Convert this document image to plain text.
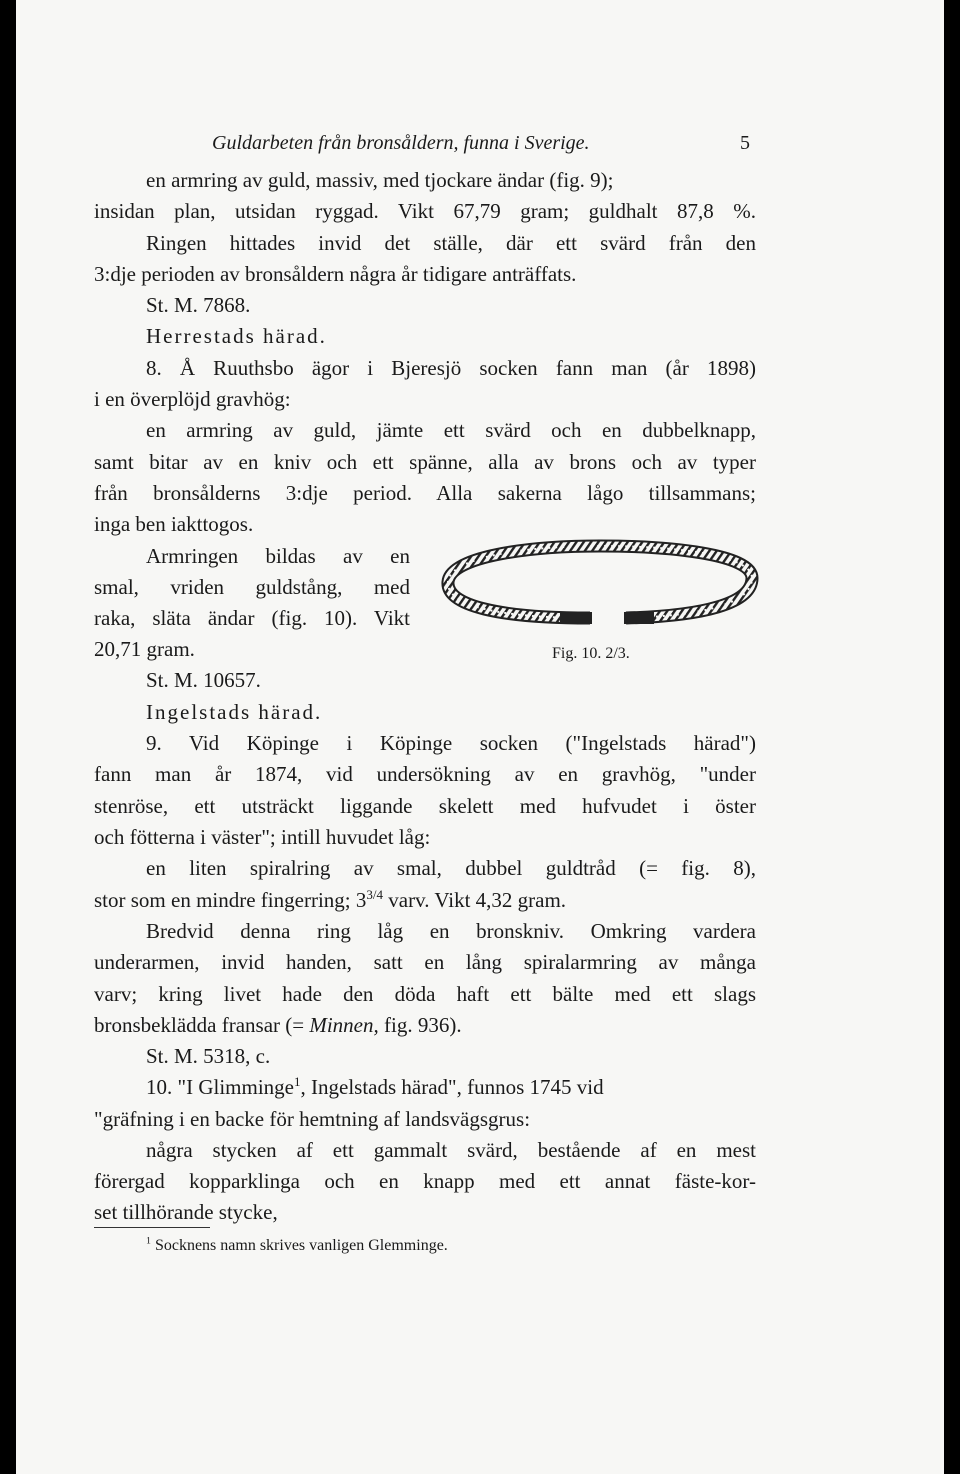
Guldarbeten från bronsåldern, funna i Sverige.	5
en armring av guld, massiv, med tjockare ändar (fig. 9);
insidan plan, utsidan ryggad. Vikt 67,79 gram; guldhalt 87,8 %.
Ringen hittades invid det ställe, där ett svärd från den
3:dje perioden av bronsåldern några år tidigare anträffats.
St. M. 7868.
Herrestads härad.
8. Å Ruuthsbo ägor i Bjeresjö socken fann man (år 1898)
i en överplöjd gravhög:
en armring av guld, jämte ett svärd och en dubbelknapp,
samt bitar av en kniv och ett spänne, alla av brons och av typer
från bronsålderns 3:dje period. Alla sakerna lågo tillsammans;
inga ben iakttogos.
Armringen bildas av en
smal, vriden guldstång, med
raka, släta ändar (fig. 10). Vikt
20,71 gram.
St. M. 10657.
Ingelstads härad.
Fig. 10. 2/3.
9. Vid Köpinge i Köpinge socken ("Ingelstads härad")
fann man år 1874, vid undersökning av en gravhög, "under
stenröse, ett utsträckt liggande skelett med hufvudet i öster
och fötterna i väster"; intill huvudet låg:
en liten spiralring av smal, dubbel guldtråd (= fig. 8),
stor som en mindre fingerring; $3^{3/4}$ varv. Vikt 4,32 gram.
Bredvid denna ring låg en bronskniv. Omkring vardera
underarmen, invid handen, satt en lång spiralarmring av många
varv; kring livet hade den döda haft ett bälte med ett slags
bronsbeklädda fransar (= Minnen, fig. 936).
St. M. 5318, c.
10. "I Glimminge$^1$, Ingelstads härad", funnos 1745 vid
"gräfning i en backe för hemtning af landsvägsgrus:
några stycken af ett gammalt svärd, bestående af en mest
förergad kopparklinga och en knapp med ett annat fäste-kor-
set tillhörande stycke,
$^1$ Socknens namn skrives vanligen Glemminge.
